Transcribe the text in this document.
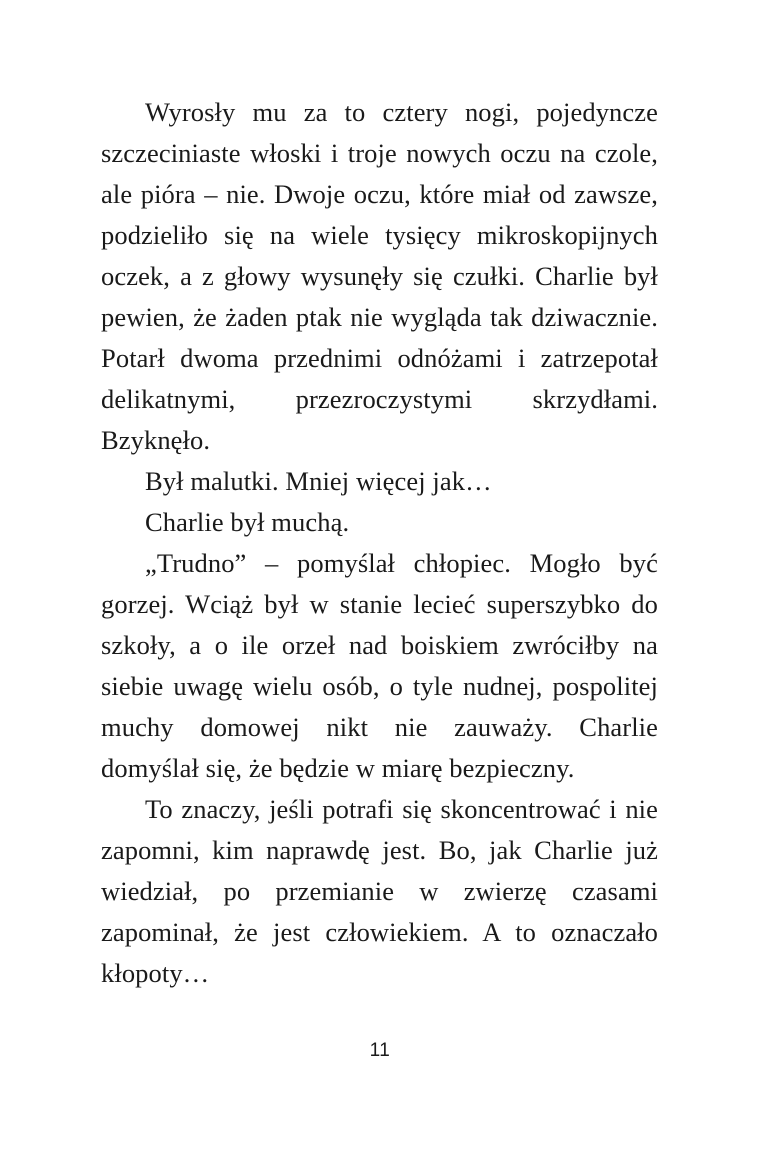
Wyrosły mu za to cztery nogi, pojedyncze szczeciniaste włoski i troje nowych oczu na czole, ale pióra – nie. Dwoje oczu, które miał od zawsze, podzieliło się na wiele tysięcy mikroskopijnych oczek, a z głowy wysunęły się czułki. Charlie był pewien, że żaden ptak nie wygląda tak dziwacznie. Potarł dwoma przednimi odnóżami i zatrzepotał delikatnymi, przezroczystymi skrzydłami. Bzyknęło.

Był malutki. Mniej więcej jak…

Charlie był muchą.

„Trudno” – pomyślał chłopiec. Mogło być gorzej. Wciąż był w stanie lecieć superszybko do szkoły, a o ile orzeł nad boiskiem zwróciłby na siebie uwagę wielu osób, o tyle nudnej, pospolitej muchy domowej nikt nie zauważy. Charlie domyślał się, że będzie w miarę bezpieczny.

To znaczy, jeśli potrafi się skoncentrować i nie zapomni, kim naprawdę jest. Bo, jak Charlie już wiedział, po przemianie w zwierzę czasami zapominał, że jest człowiekiem. A to oznaczało kłopoty…

11
